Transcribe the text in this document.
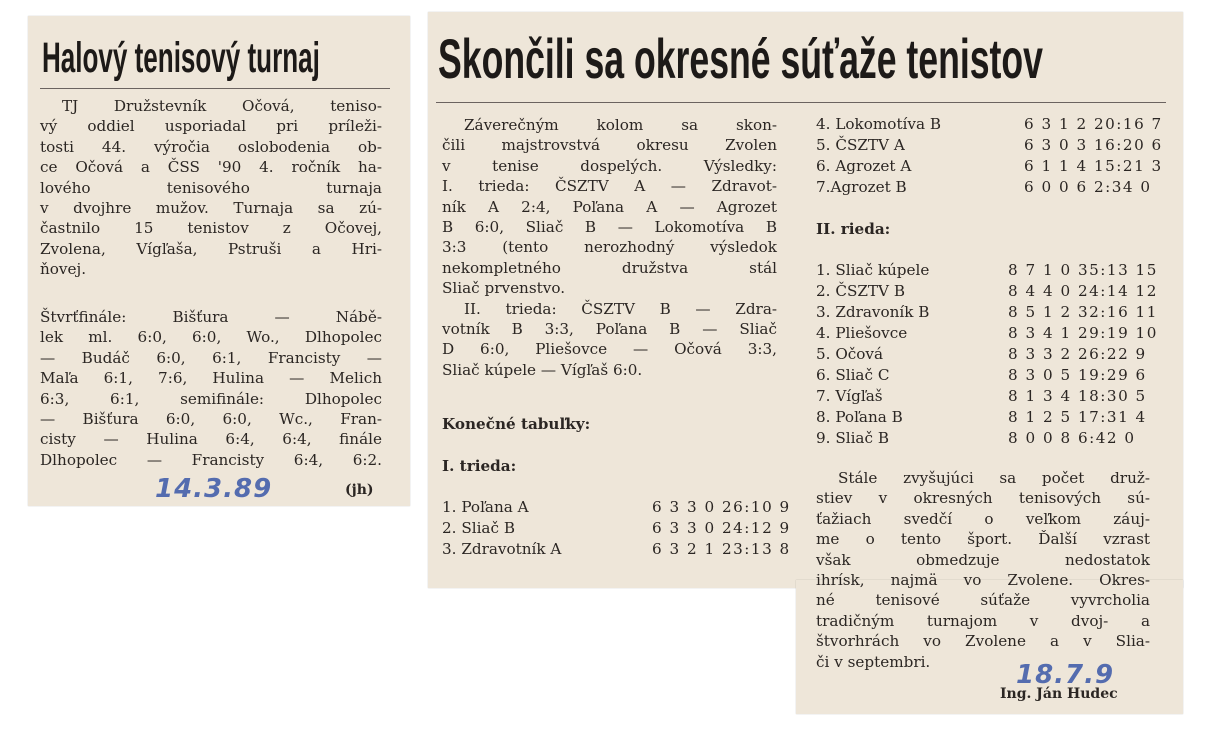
Halový tenisový turnaj
TJ Družstevník Očová, teniso-
vý oddiel usporiadal pri príleži-
tosti 44. výročia oslobodenia ob-
ce Očová a ČSS '90 4. ročník ha-
lového tenisového turnaja
v dvojhre mužov. Turnaja sa zú-
častnilo 15 tenistov z Očovej,
Zvolena, Vígľaša, Pstruši a Hri-
ňovej.
Štvrťfinále: Bišťura — Nábě-
lek ml. 6:0, 6:0, Wo., Dlhopolec
— Budáč 6:0, 6:1, Francisty —
Maľa 6:1, 7:6, Hulina — Melich
6:3, 6:1, semifinále: Dlhopolec
— Bišťura 6:0, 6:0, Wc., Fran-
cisty — Hulina 6:4, 6:4, finále
Dlhopolec — Francisty 6:4, 6:2.
14.3.89	(jh)
Skončili sa okresné súťaže tenistov
Záverečným kolom sa skon-
čili majstrovstvá okresu Zvolen
v tenise dospelých. Výsledky:
I. trieda: ČSZTV A — Zdravot-
ník A 2:4, Poľana A — Agrozet
B 6:0, Sliač B — Lokomotíva B
3:3 (tento nerozhodný výsledok
nekompletného družstva stál
Sliač prvenstvo.
II. trieda: ČSZTV B — Zdra-
votník B 3:3, Poľana B — Sliač
D 6:0, Pliešovce — Očová 3:3,
Sliač kúpele — Vígľaš 6:0.
Konečné tabuľky:
I. trieda:
1. Poľana A	6 3 3 0 26:10 9
2. Sliač B	6 3 3 0 24:12 9
3. Zdravotník A	6 3 2 1 23:13 8
4. Lokomotíva B	6 3 1 2 20:16 7
5. ČSZTV A	6 3 0 3 16:20 6
6. Agrozet A	6 1 1 4 15:21 3
7.Agrozet B	6 0 0 6 2:34 0
II. rieda:
1. Sliač kúpele	8 7 1 0 35:13 15
2. ČSZTV B	8 4 4 0 24:14 12
3. Zdravoník B	8 5 1 2 32:16 11
4. Pliešovce	8 3 4 1 29:19 10
5. Očová	8 3 3 2 26:22 9
6. Sliač C	8 3 0 5 19:29 6
7. Vígľaš	8 1 3 4 18:30 5
8. Poľana B	8 1 2 5 17:31 4
9. Sliač B	8 0 0 8 6:42 0
Stále zvyšujúci sa počet druž-
stiev v okresných tenisových sú-
ťažiach svedčí o veľkom záuj-
me o tento šport. Ďalší vzrast
však obmedzuje nedostatok
ihrísk, najmä vo Zvolene. Okres-
né tenisové súťaže vyvrcholia
tradičným turnajom v dvoj- a
štvorhrách vo Zvolene a v Slia-
či v septembri.	18.7.9
Ing. Ján Hudec
